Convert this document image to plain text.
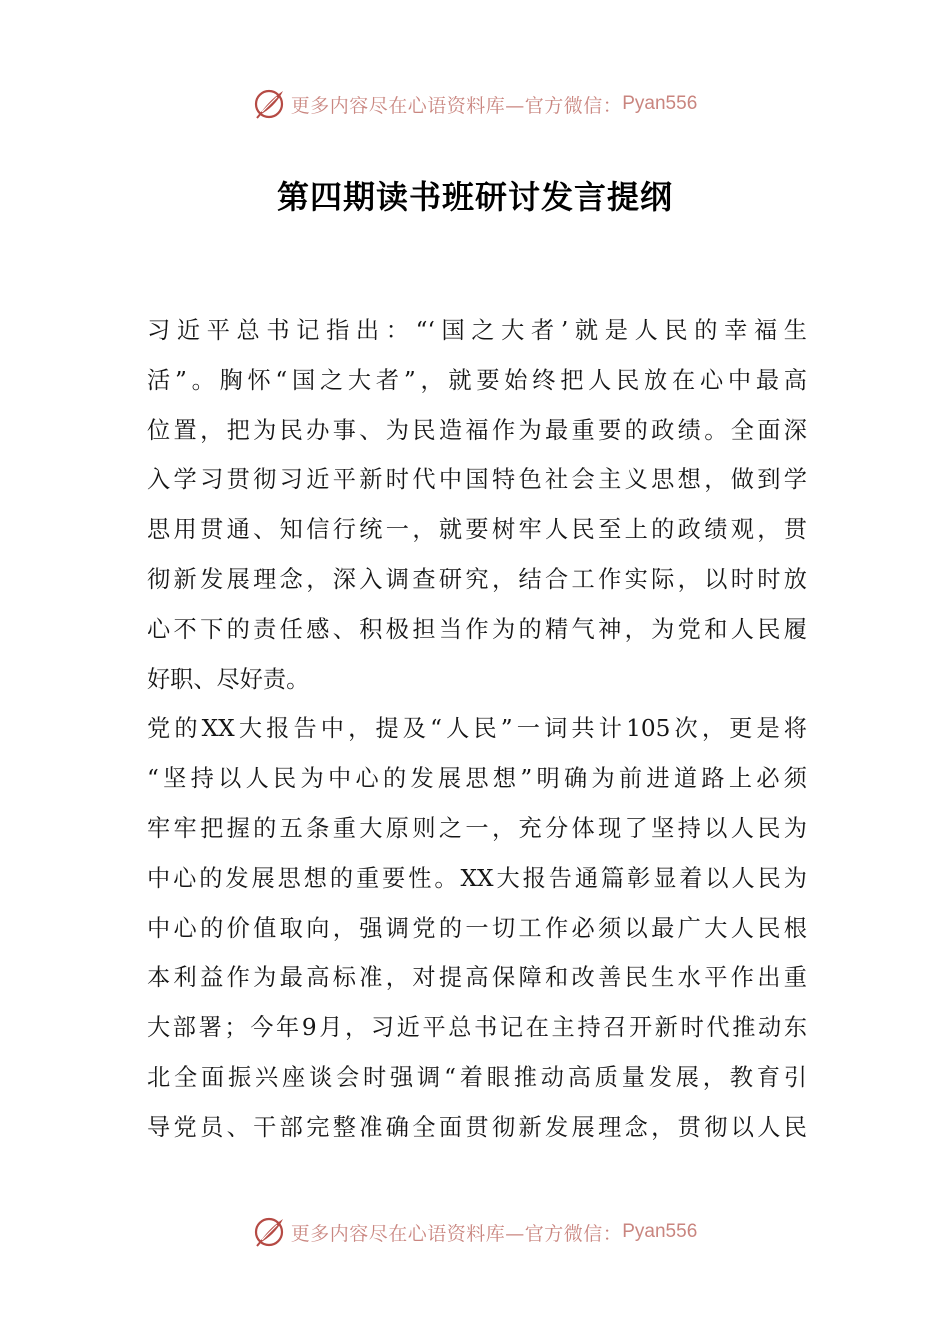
更多内容尽在心语资料库—官方微信： Pyan556
第四期读书班研讨发言提纲
习近平总书记指出：“‘国之大者’就是人民的幸福生
活”。胸怀“国之大者”，就要始终把人民放在心中最高
位置，把为民办事、为民造福作为最重要的政绩。全面深
入学习贯彻习近平新时代中国特色社会主义思想，做到学
思用贯通、知信行统一，就要树牢人民至上的政绩观，贯
彻新发展理念，深入调查研究，结合工作实际，以时时放
心不下的责任感、积极担当作为的精气神，为党和人民履
好职、尽好责。
党的XX大报告中，提及“人民”一词共计105次，更是将
“坚持以人民为中心的发展思想”明确为前进道路上必须
牢牢把握的五条重大原则之一，充分体现了坚持以人民为
中心的发展思想的重要性。XX大报告通篇彰显着以人民为
中心的价值取向，强调党的一切工作必须以最广大人民根
本利益作为最高标准，对提高保障和改善民生水平作出重
大部署；今年9月，习近平总书记在主持召开新时代推动东
北全面振兴座谈会时强调“着眼推动高质量发展，教育引
导党员、干部完整准确全面贯彻新发展理念，贯彻以人民
更多内容尽在心语资料库—官方微信： Pyan556
